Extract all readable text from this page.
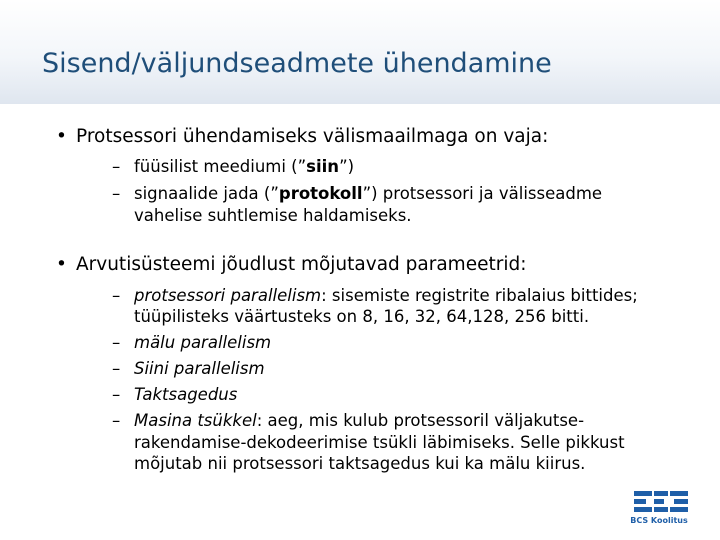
Sisend/väljundseadmete ühendamine
• Protsessori ühendamiseks välismaailmaga on vaja:
– füüsilist meediumi (”siin”)
– signaalide jada (”protokoll”) protsessori ja välisseadme
vahelise suhtlemise haldamiseks.
• Arvutisüsteemi jõudlust mõjutavad parameetrid:
– protsessori parallelism: sisemiste registrite ribalaius bittides;
tüüpilisteks väärtusteks on 8, 16, 32, 64,128, 256 bitti.
– mälu parallelism
– Siini parallelism
– Taktsagedus
– Masina tsükkel: aeg, mis kulub protsessoril väljakutse-
rakendamise-dekodeerimise tsükli läbimiseks. Selle pikkust
mõjutab nii protsessori taktsagedus kui ka mälu kiirus.
BCS Koolitus
